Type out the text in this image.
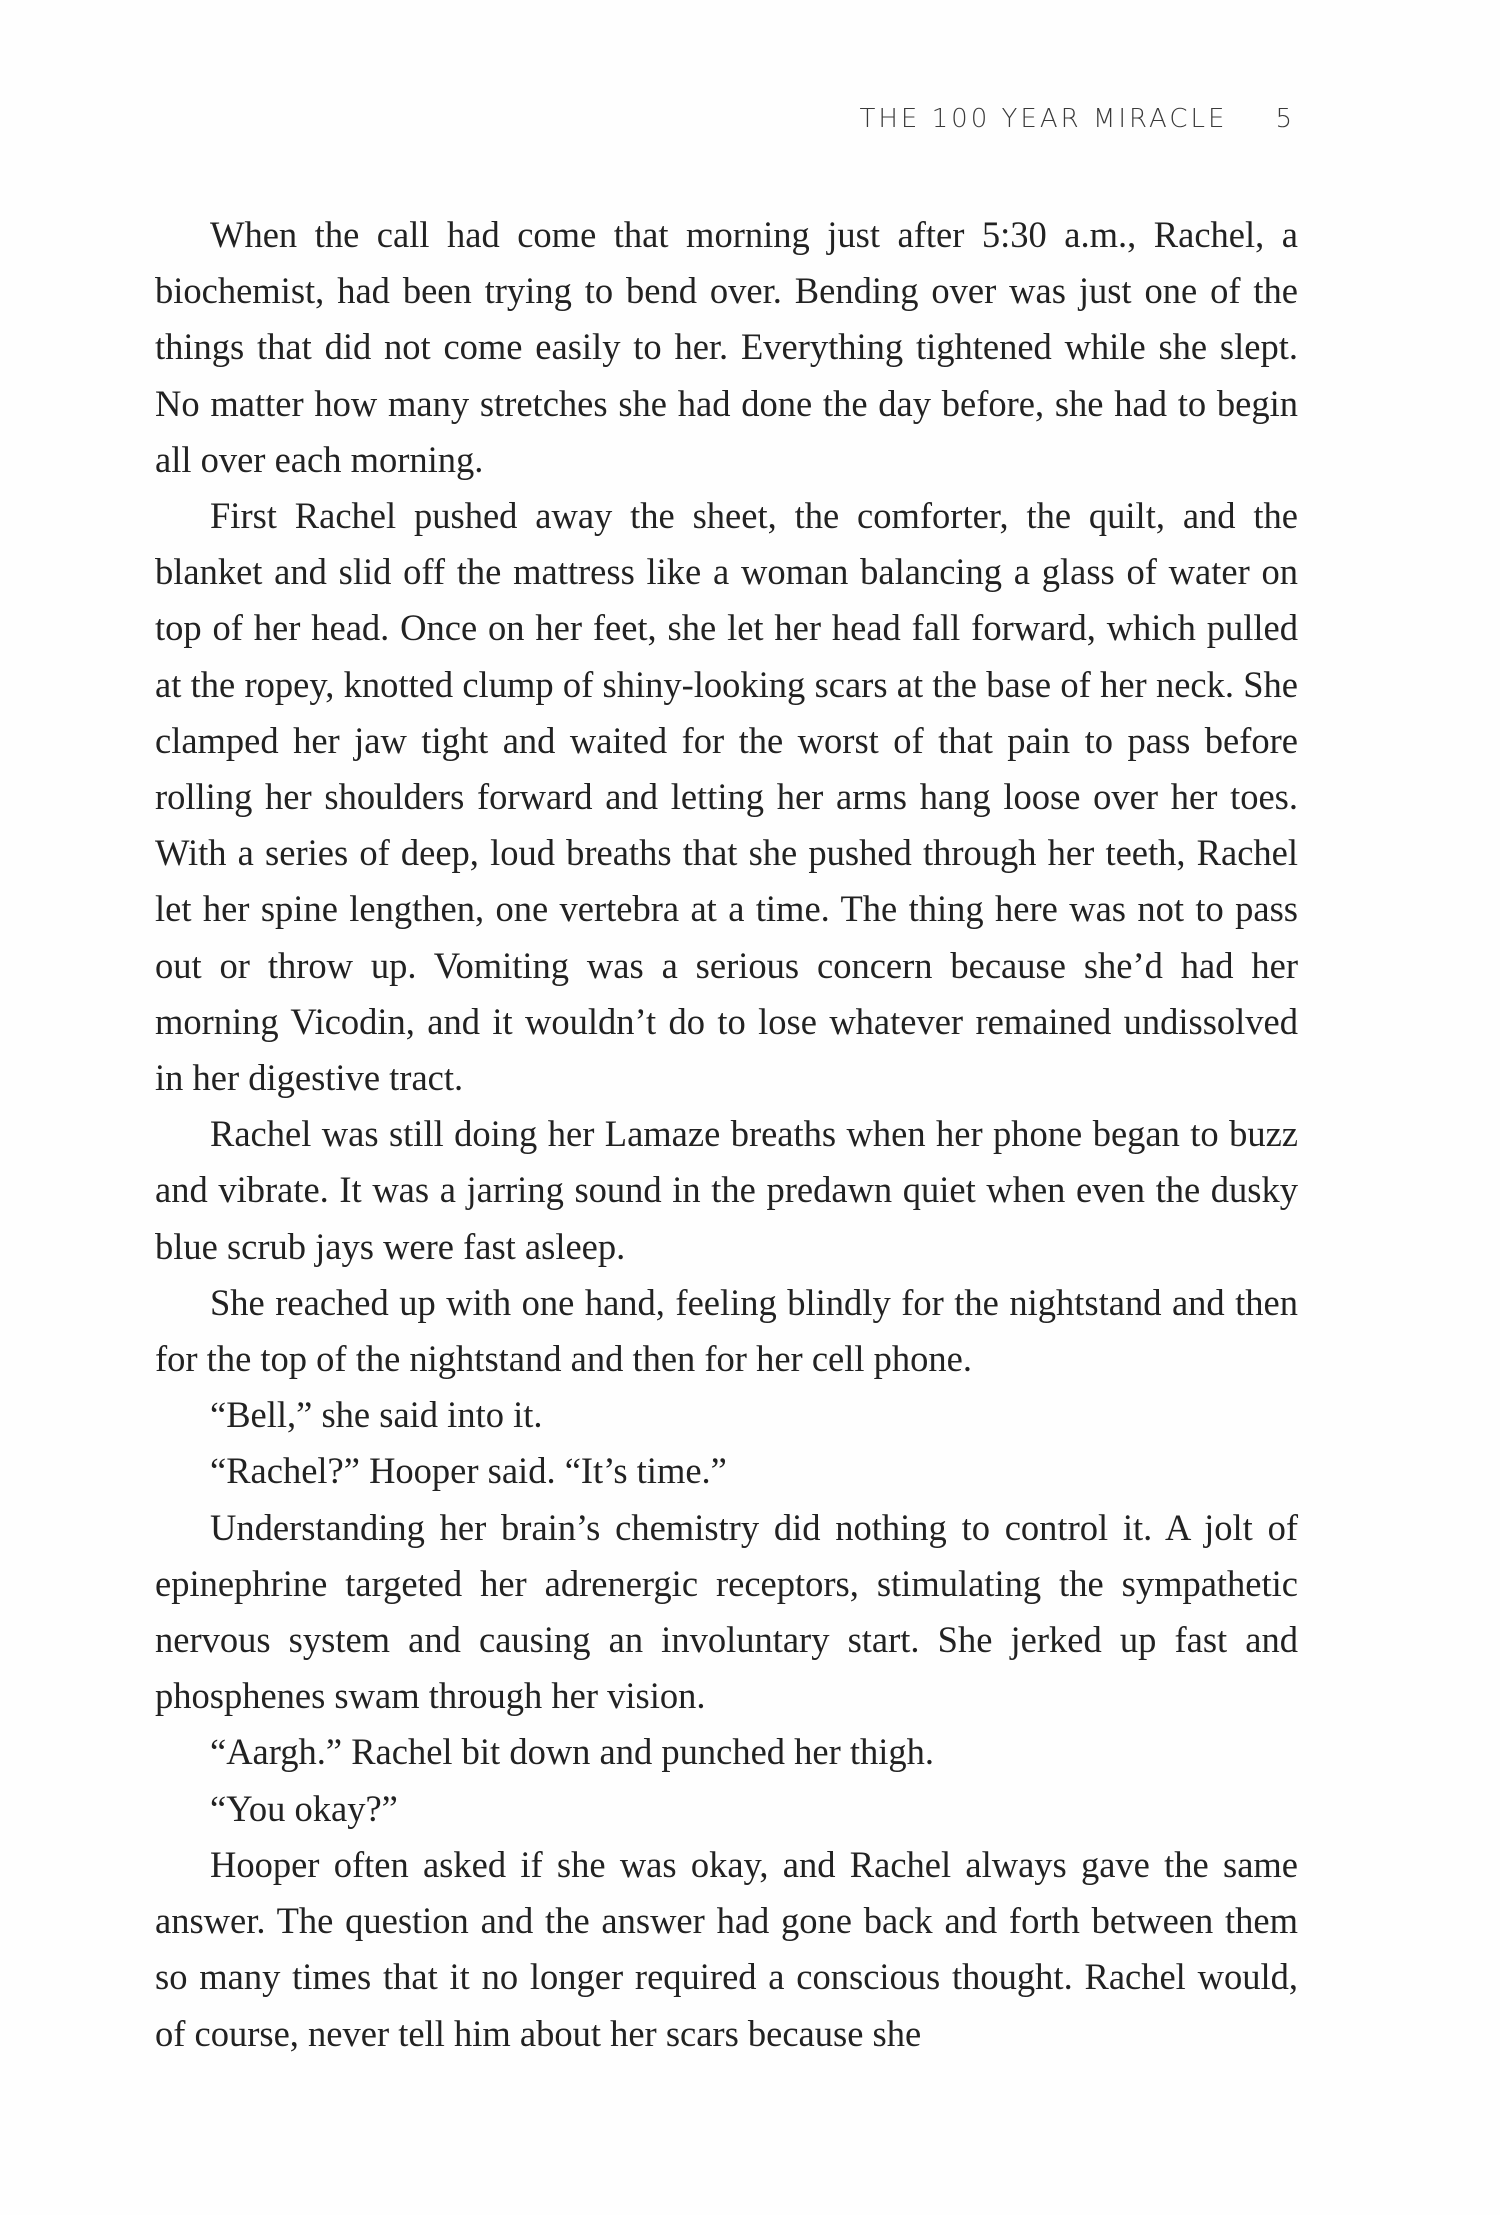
THE 100 YEAR MIRACLE 5

When the call had come that morning just after 5:30 a.m., Rachel, a biochemist, had been trying to bend over. Bending over was just one of the things that did not come easily to her. Everything tightened while she slept. No matter how many stretches she had done the day before, she had to begin all over each morning.

First Rachel pushed away the sheet, the comforter, the quilt, and the blanket and slid off the mattress like a woman balancing a glass of water on top of her head. Once on her feet, she let her head fall forward, which pulled at the ropey, knotted clump of shiny-looking scars at the base of her neck. She clamped her jaw tight and waited for the worst of that pain to pass before rolling her shoulders forward and letting her arms hang loose over her toes. With a series of deep, loud breaths that she pushed through her teeth, Rachel let her spine lengthen, one vertebra at a time. The thing here was not to pass out or throw up. Vomiting was a serious concern because she’d had her morning Vicodin, and it wouldn’t do to lose whatever remained undissolved in her digestive tract.

Rachel was still doing her Lamaze breaths when her phone began to buzz and vibrate. It was a jarring sound in the predawn quiet when even the dusky blue scrub jays were fast asleep.

She reached up with one hand, feeling blindly for the nightstand and then for the top of the nightstand and then for her cell phone.

“Bell,” she said into it.

“Rachel?” Hooper said. “It’s time.”

Understanding her brain’s chemistry did nothing to control it. A jolt of epinephrine targeted her adrenergic receptors, stimulating the sympathetic nervous system and causing an involuntary start. She jerked up fast and phosphenes swam through her vision.

“Aargh.” Rachel bit down and punched her thigh.

“You okay?”

Hooper often asked if she was okay, and Rachel always gave the same answer. The question and the answer had gone back and forth between them so many times that it no longer required a conscious thought. Rachel would, of course, never tell him about her scars because she
